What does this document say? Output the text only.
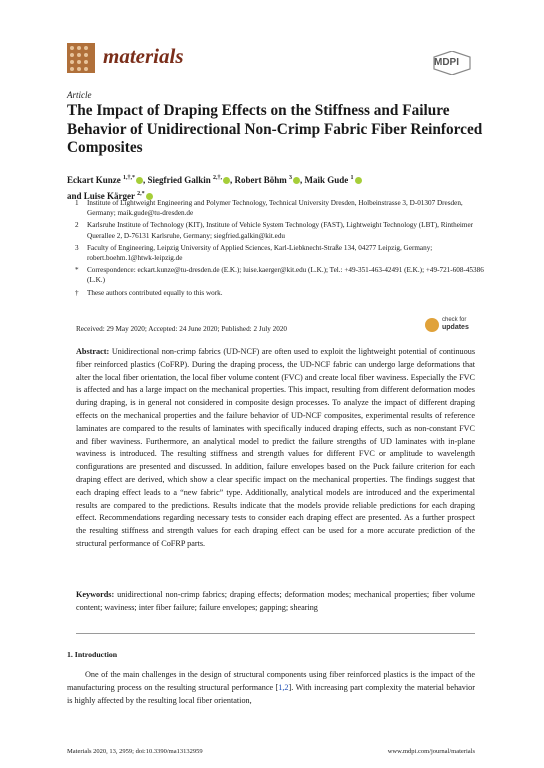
materials	MDPI
Article
The Impact of Draping Effects on the Stiffness and Failure Behavior of Unidirectional Non-Crimp Fabric Fiber Reinforced Composites
Eckart Kunze $^{1,\dagger,*}$ , Siegfried Galkin $^{2,\dagger,}$ , Robert Böhm $^3$ , Maik Gude $^1$
and Luise Kärger $^{2,*}$
1 Institute of Lightweight Engineering and Polymer Technology, Technical University Dresden, Holbeinstrasse 3, D-01307 Dresden, Germany; maik.gude@tu-dresden.de
2 Karlsruhe Institute of Technology (KIT), Institute of Vehicle System Technology (FAST), Lightweight Technology (LBT), Rintheimer Querallee 2, D-76131 Karlsruhe, Germany; siegfried.galkin@kit.edu
3 Faculty of Engineering, Leipzig University of Applied Sciences, Karl-Liebknecht-Straße 134, 04277 Leipzig, Germany; robert.boehm.1@htwk-leipzig.de
* Correspondence: eckart.kunze@tu-dresden.de (E.K.); luise.kaerger@kit.edu (L.K.); Tel.: +49-351-463-42491 (E.K.); +49-721-608-45386 (L.K.)
† These authors contributed equally to this work.
Received: 29 May 2020; Accepted: 24 June 2020; Published: 2 July 2020
check for
updates
Abstract: Unidirectional non-crimp fabrics (UD-NCF) are often used to exploit the lightweight potential of continuous fiber reinforced plastics (CoFRP). During the draping process, the UD-NCF fabric can undergo large deformations that alter the local fiber orientation, the local fiber volume content (FVC) and create local fiber waviness. Especially the FVC is affected and has a large impact on the mechanical properties. This impact, resulting from different deformation modes during draping, is in general not considered in composite design processes. To analyze the impact of different draping effects on the mechanical properties and the failure behavior of UD-NCF composites, experimental results of reference laminates are compared to the results of laminates with specifically induced draping effects, such as non-constant FVC and fiber waviness. Furthermore, an analytical model to predict the failure strengths of UD laminates with in-plane waviness is introduced. The resulting stiffness and strength values for different FVC or amplitude to wavelength configurations are presented and discussed. In addition, failure envelopes based on the Puck failure criterion for each draping effect are derived, which show a clear specific impact on the mechanical properties. The findings suggest that each draping effect leads to a “new fabric” type. Additionally, analytical models are introduced and the experimental results are compared to the predictions. Results indicate that the models provide reliable predictions for each draping effect. Recommendations regarding necessary tests to consider each draping effect are presented. As a further prospect the resulting stiffness and strength values for each draping effect can be used for a more accurate prediction of the structural performance of CoFRP parts.
Keywords: unidirectional non-crimp fabrics; draping effects; deformation modes; mechanical properties; fiber volume content; waviness; inter fiber failure; failure envelopes; gapping; shearing
1. Introduction
One of the main challenges in the design of structural components using fiber reinforced plastics is the impact of the manufacturing process on the resulting structural performance [1,2]. With increasing part complexity the material behavior is highly affected by the resulting local fiber orientation,
Materials 2020, 13, 2959; doi:10.3390/ma13132959	www.mdpi.com/journal/materials
